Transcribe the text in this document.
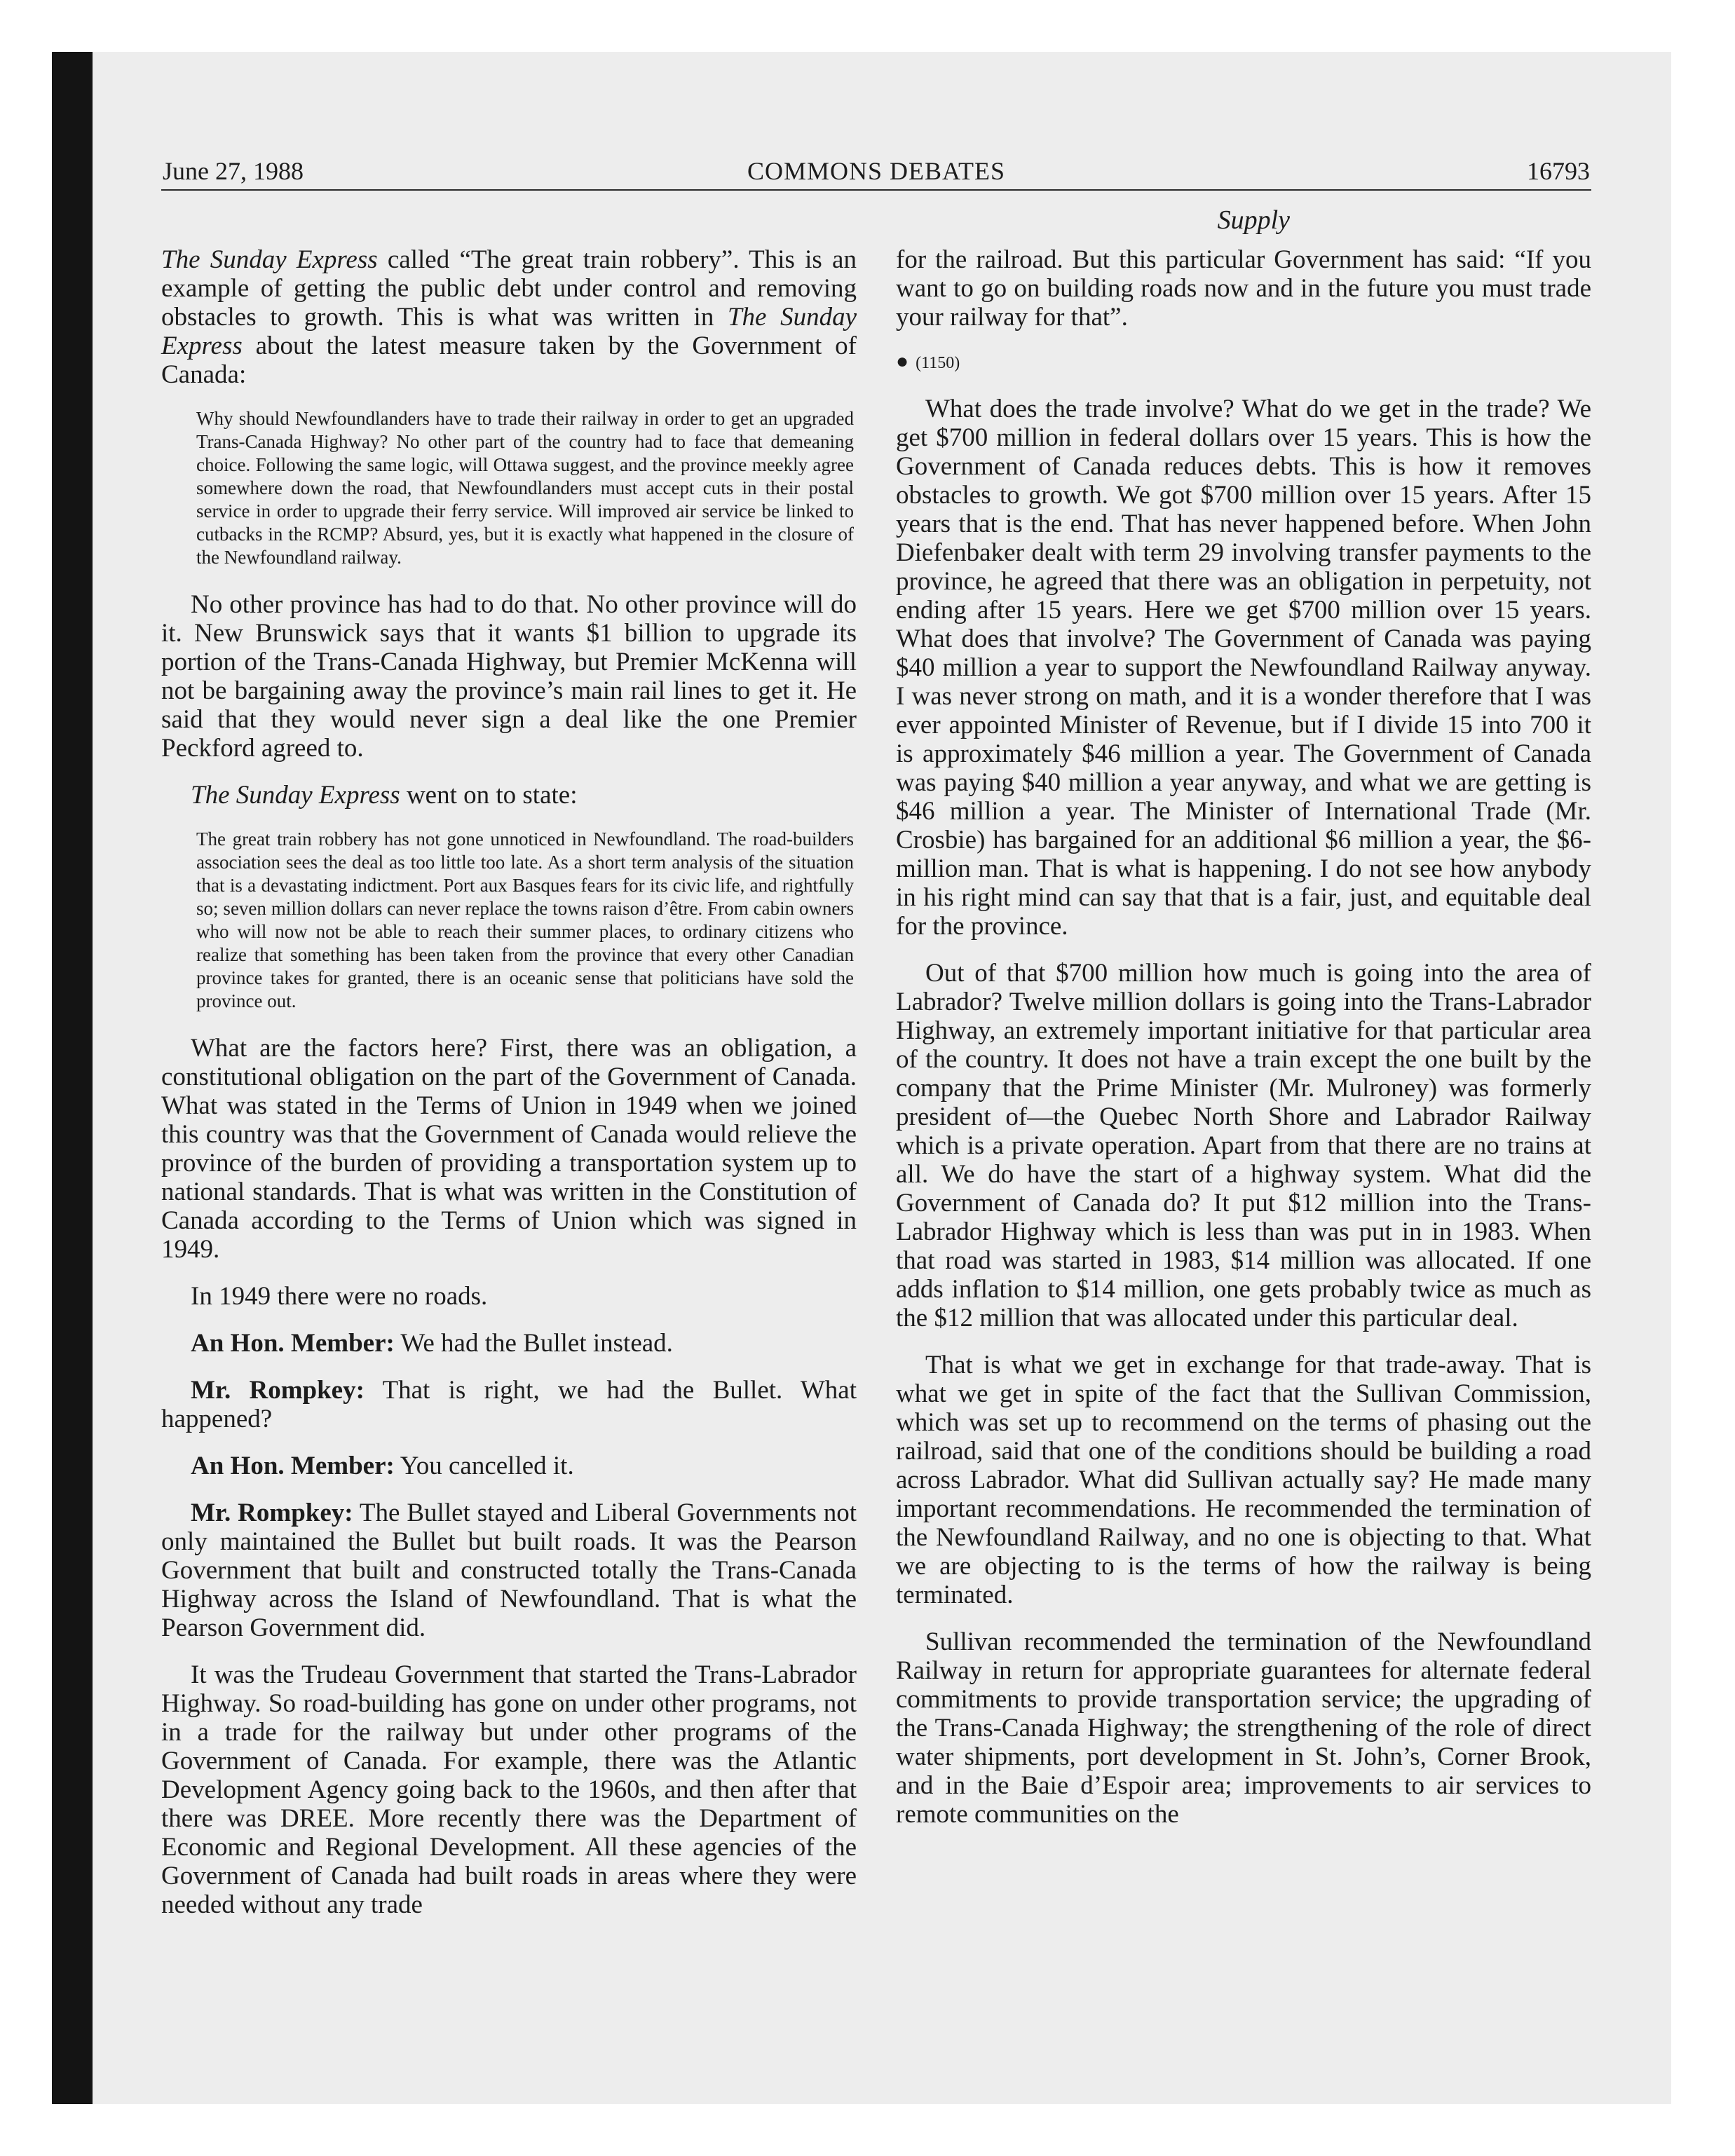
June 27, 1988	COMMONS DEBATES	16793
Supply

The Sunday Express called “The great train robbery”. This is an example of getting the public debt under control and removing obstacles to growth. This is what was written in The Sunday Express about the latest measure taken by the Government of Canada:

Why should Newfoundlanders have to trade their railway in order to get an upgraded Trans-Canada Highway? No other part of the country had to face that demeaning choice. Following the same logic, will Ottawa suggest, and the province meekly agree somewhere down the road, that Newfoundlanders must accept cuts in their postal service in order to upgrade their ferry service. Will improved air service be linked to cutbacks in the RCMP? Absurd, yes, but it is exactly what happened in the closure of the Newfoundland railway.

No other province has had to do that. No other province will do it. New Brunswick says that it wants $1 billion to upgrade its portion of the Trans-Canada Highway, but Premier McKenna will not be bargaining away the province’s main rail lines to get it. He said that they would never sign a deal like the one Premier Peckford agreed to.

The Sunday Express went on to state:

The great train robbery has not gone unnoticed in Newfoundland. The road-builders association sees the deal as too little too late. As a short term analysis of the situation that is a devastating indictment. Port aux Basques fears for its civic life, and rightfully so; seven million dollars can never replace the towns raison d’être. From cabin owners who will now not be able to reach their summer places, to ordinary citizens who realize that something has been taken from the province that every other Canadian province takes for granted, there is an oceanic sense that politicians have sold the province out.

What are the factors here? First, there was an obligation, a constitutional obligation on the part of the Government of Canada. What was stated in the Terms of Union in 1949 when we joined this country was that the Government of Canada would relieve the province of the burden of providing a transportation system up to national standards. That is what was written in the Constitution of Canada according to the Terms of Union which was signed in 1949.

In 1949 there were no roads.

An Hon. Member: We had the Bullet instead.

Mr. Rompkey: That is right, we had the Bullet. What happened?

An Hon. Member: You cancelled it.

Mr. Rompkey: The Bullet stayed and Liberal Governments not only maintained the Bullet but built roads. It was the Pearson Government that built and constructed totally the Trans-Canada Highway across the Island of Newfoundland. That is what the Pearson Government did.

It was the Trudeau Government that started the Trans-Labrador Highway. So road-building has gone on under other programs, not in a trade for the railway but under other programs of the Government of Canada. For example, there was the Atlantic Development Agency going back to the 1960s, and then after that there was DREE. More recently there was the Department of Economic and Regional Development. All these agencies of the Government of Canada had built roads in areas where they were needed without any trade

for the railroad. But this particular Government has said: “If you want to go on building roads now and in the future you must trade your railway for that”.

● (1150)

What does the trade involve? What do we get in the trade? We get $700 million in federal dollars over 15 years. This is how the Government of Canada reduces debts. This is how it removes obstacles to growth. We got $700 million over 15 years. After 15 years that is the end. That has never happened before. When John Diefenbaker dealt with term 29 involving transfer payments to the province, he agreed that there was an obligation in perpetuity, not ending after 15 years. Here we get $700 million over 15 years. What does that involve? The Government of Canada was paying $40 million a year to support the Newfoundland Railway anyway. I was never strong on math, and it is a wonder therefore that I was ever appointed Minister of Revenue, but if I divide 15 into 700 it is approximately $46 million a year. The Government of Canada was paying $40 million a year anyway, and what we are getting is $46 million a year. The Minister of International Trade (Mr. Crosbie) has bargained for an additional $6 million a year, the $6-million man. That is what is happening. I do not see how anybody in his right mind can say that that is a fair, just, and equitable deal for the province.

Out of that $700 million how much is going into the area of Labrador? Twelve million dollars is going into the Trans-Labrador Highway, an extremely important initiative for that particular area of the country. It does not have a train except the one built by the company that the Prime Minister (Mr. Mulroney) was formerly president of—the Quebec North Shore and Labrador Railway which is a private operation. Apart from that there are no trains at all. We do have the start of a highway system. What did the Government of Canada do? It put $12 million into the Trans-Labrador Highway which is less than was put in in 1983. When that road was started in 1983, $14 million was allocated. If one adds inflation to $14 million, one gets probably twice as much as the $12 million that was allocated under this particular deal.

That is what we get in exchange for that trade-away. That is what we get in spite of the fact that the Sullivan Commission, which was set up to recommend on the terms of phasing out the railroad, said that one of the conditions should be building a road across Labrador. What did Sullivan actually say? He made many important recommendations. He recommended the termination of the Newfoundland Railway, and no one is objecting to that. What we are objecting to is the terms of how the railway is being terminated.

Sullivan recommended the termination of the Newfoundland Railway in return for appropriate guarantees for alternate federal commitments to provide transportation service; the upgrading of the Trans-Canada Highway; the strengthening of the role of direct water shipments, port development in St. John’s, Corner Brook, and in the Baie d’Espoir area; improvements to air services to remote communities on the
